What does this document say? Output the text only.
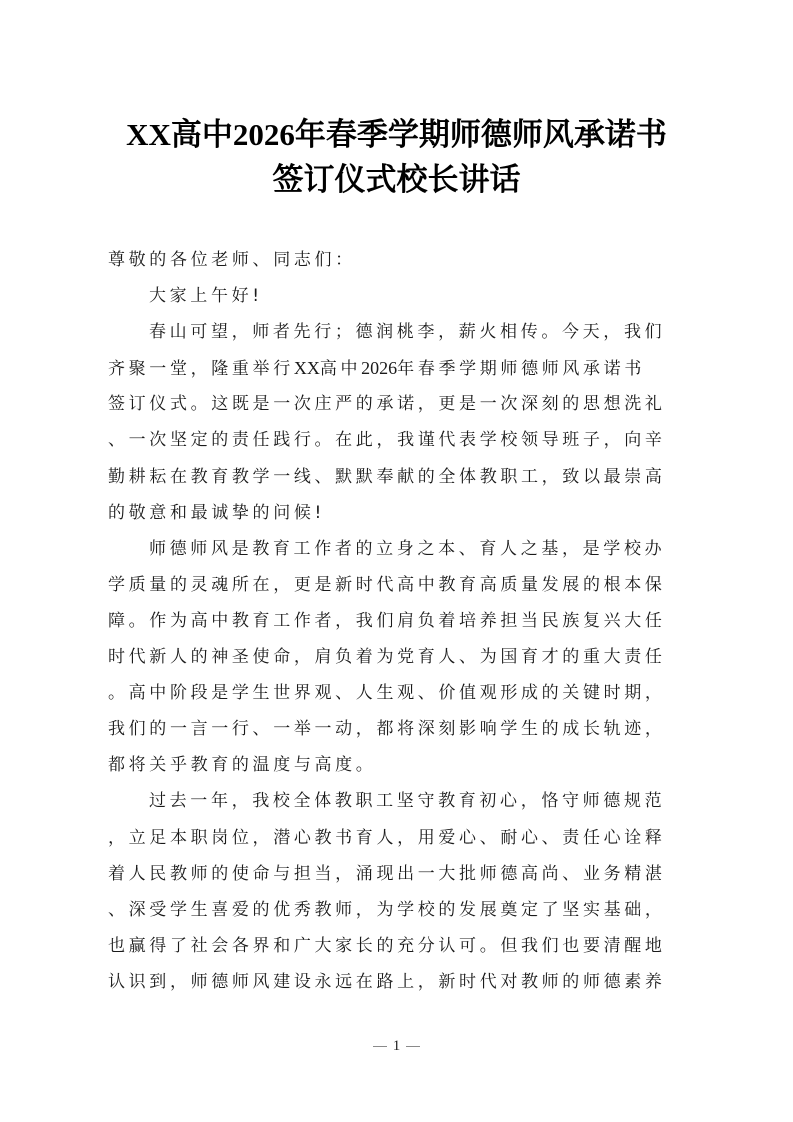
XX高中2026年春季学期师德师风承诺书
签订仪式校长讲话
尊敬的各位老师、同志们：
大家上午好!
春山可望，师者先行；德润桃李，薪火相传。今天，我们
齐聚一堂，隆重举行XX高中2026年春季学期师德师风承诺书
签订仪式。这既是一次庄严的承诺，更是一次深刻的思想洗礼
、一次坚定的责任践行。在此，我谨代表学校领导班子，向辛
勤耕耘在教育教学一线、默默奉献的全体教职工，致以最崇高
的敬意和最诚挚的问候!
师德师风是教育工作者的立身之本、育人之基，是学校办
学质量的灵魂所在，更是新时代高中教育高质量发展的根本保
障。作为高中教育工作者，我们肩负着培养担当民族复兴大任
时代新人的神圣使命，肩负着为党育人、为国育才的重大责任
。高中阶段是学生世界观、人生观、价值观形成的关键时期，
我们的一言一行、一举一动，都将深刻影响学生的成长轨迹，
都将关乎教育的温度与高度。
过去一年，我校全体教职工坚守教育初心，恪守师德规范
，立足本职岗位，潜心教书育人，用爱心、耐心、责任心诠释
着人民教师的使命与担当，涌现出一大批师德高尚、业务精湛
、深受学生喜爱的优秀教师，为学校的发展奠定了坚实基础，
也赢得了社会各界和广大家长的充分认可。但我们也要清醒地
认识到，师德师风建设永远在路上，新时代对教师的师德素养
1
